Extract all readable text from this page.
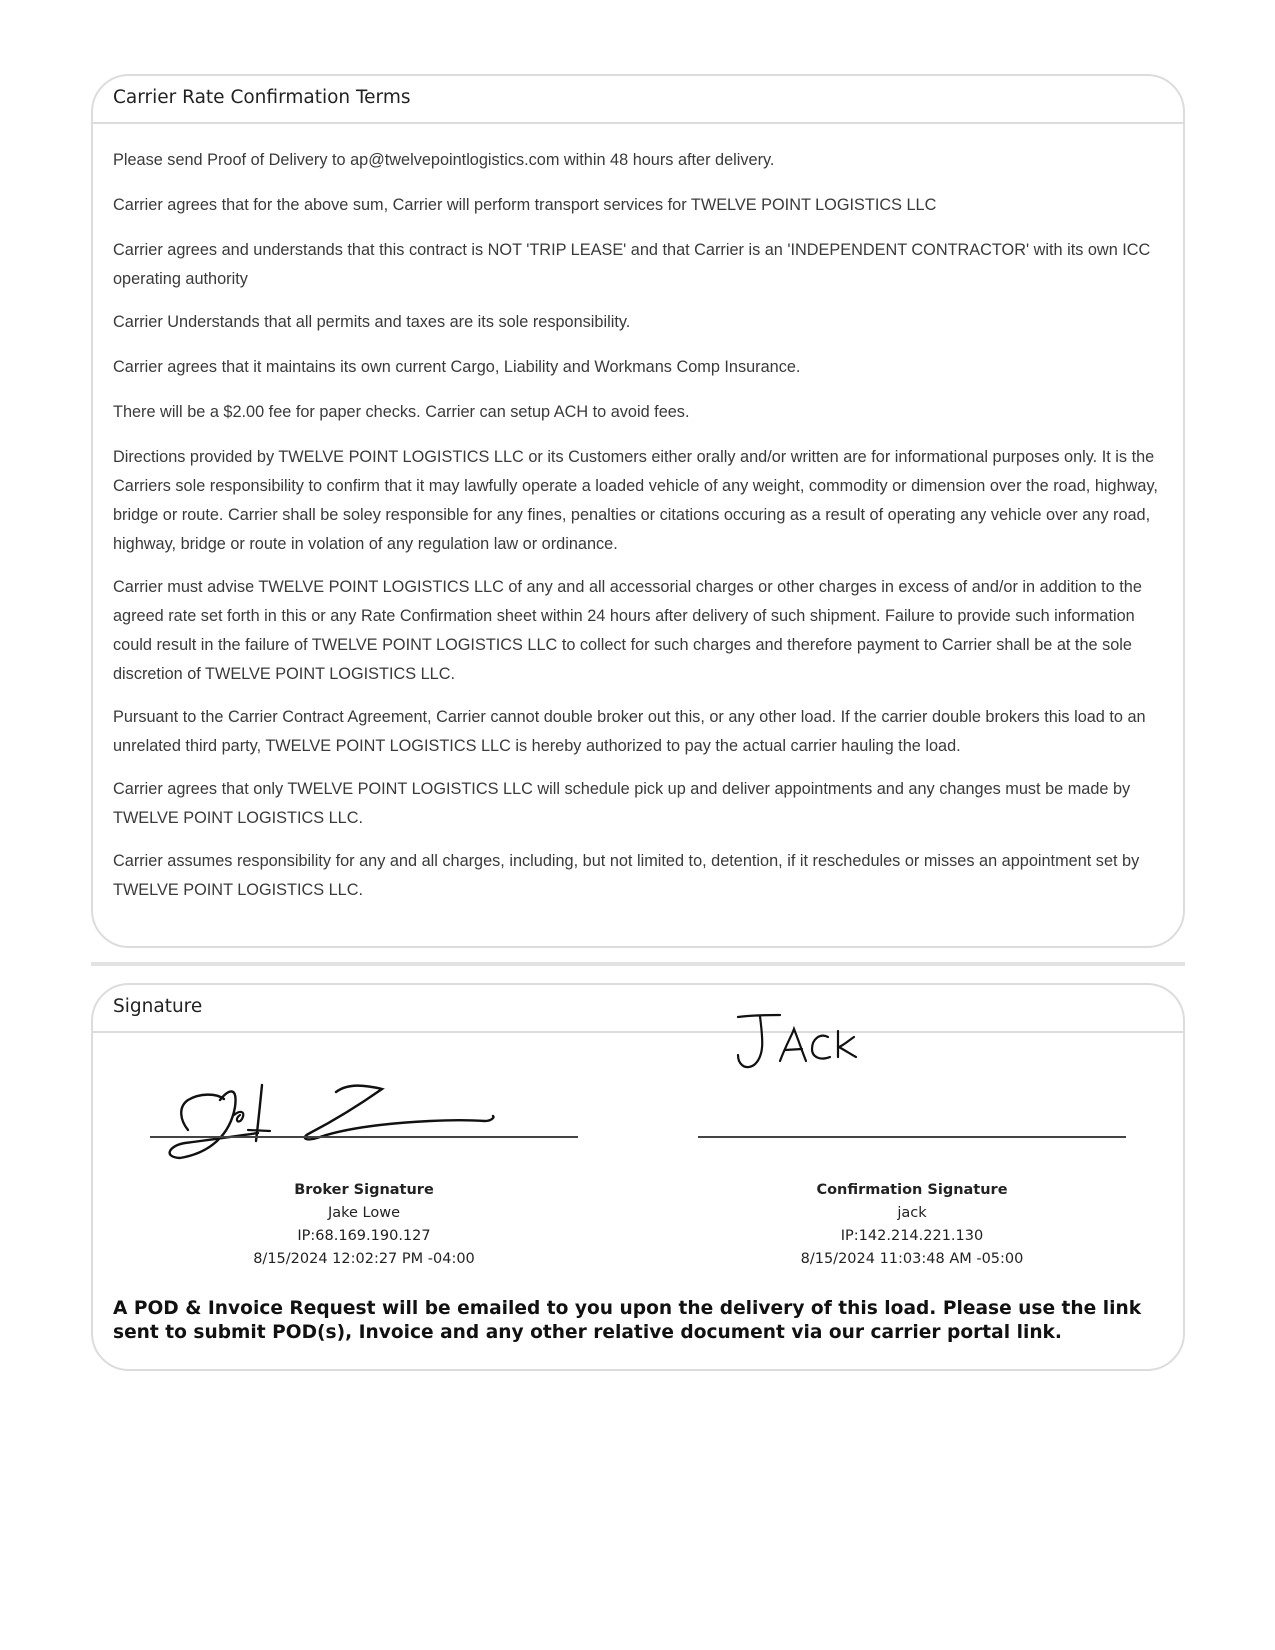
Carrier Rate Confirmation Terms

Please send Proof of Delivery to ap@twelvepointlogistics.com within 48 hours after delivery.

Carrier agrees that for the above sum, Carrier will perform transport services for TWELVE POINT LOGISTICS LLC

Carrier agrees and understands that this contract is NOT 'TRIP LEASE' and that Carrier is an 'INDEPENDENT CONTRACTOR' with its own ICC operating authority

Carrier Understands that all permits and taxes are its sole responsibility.

Carrier agrees that it maintains its own current Cargo, Liability and Workmans Comp Insurance.

There will be a $2.00 fee for paper checks. Carrier can setup ACH to avoid fees.

Directions provided by TWELVE POINT LOGISTICS LLC or its Customers either orally and/or written are for informational purposes only. It is the Carriers sole responsibility to confirm that it may lawfully operate a loaded vehicle of any weight, commodity or dimension over the road, highway, bridge or route. Carrier shall be soley responsible for any fines, penalties or citations occuring as a result of operating any vehicle over any road, highway, bridge or route in volation of any regulation law or ordinance.

Carrier must advise TWELVE POINT LOGISTICS LLC of any and all accessorial charges or other charges in excess of and/or in addition to the agreed rate set forth in this or any Rate Confirmation sheet within 24 hours after delivery of such shipment. Failure to provide such information could result in the failure of TWELVE POINT LOGISTICS LLC to collect for such charges and therefore payment to Carrier shall be at the sole discretion of TWELVE POINT LOGISTICS LLC.

Pursuant to the Carrier Contract Agreement, Carrier cannot double broker out this, or any other load. If the carrier double brokers this load to an unrelated third party, TWELVE POINT LOGISTICS LLC is hereby authorized to pay the actual carrier hauling the load.

Carrier agrees that only TWELVE POINT LOGISTICS LLC will schedule pick up and deliver appointments and any changes must be made by TWELVE POINT LOGISTICS LLC.

Carrier assumes responsibility for any and all charges, including, but not limited to, detention, if it reschedules or misses an appointment set by TWELVE POINT LOGISTICS LLC.

Signature
Broker Signature
Jake Lowe
IP:68.169.190.127
8/15/2024 12:02:27 PM -04:00
Confirmation Signature
jack
IP:142.214.221.130
8/15/2024 11:03:48 AM -05:00
A POD & Invoice Request will be emailed to you upon the delivery of this load. Please use the link sent to submit POD(s), Invoice and any other relative document via our carrier portal link.
